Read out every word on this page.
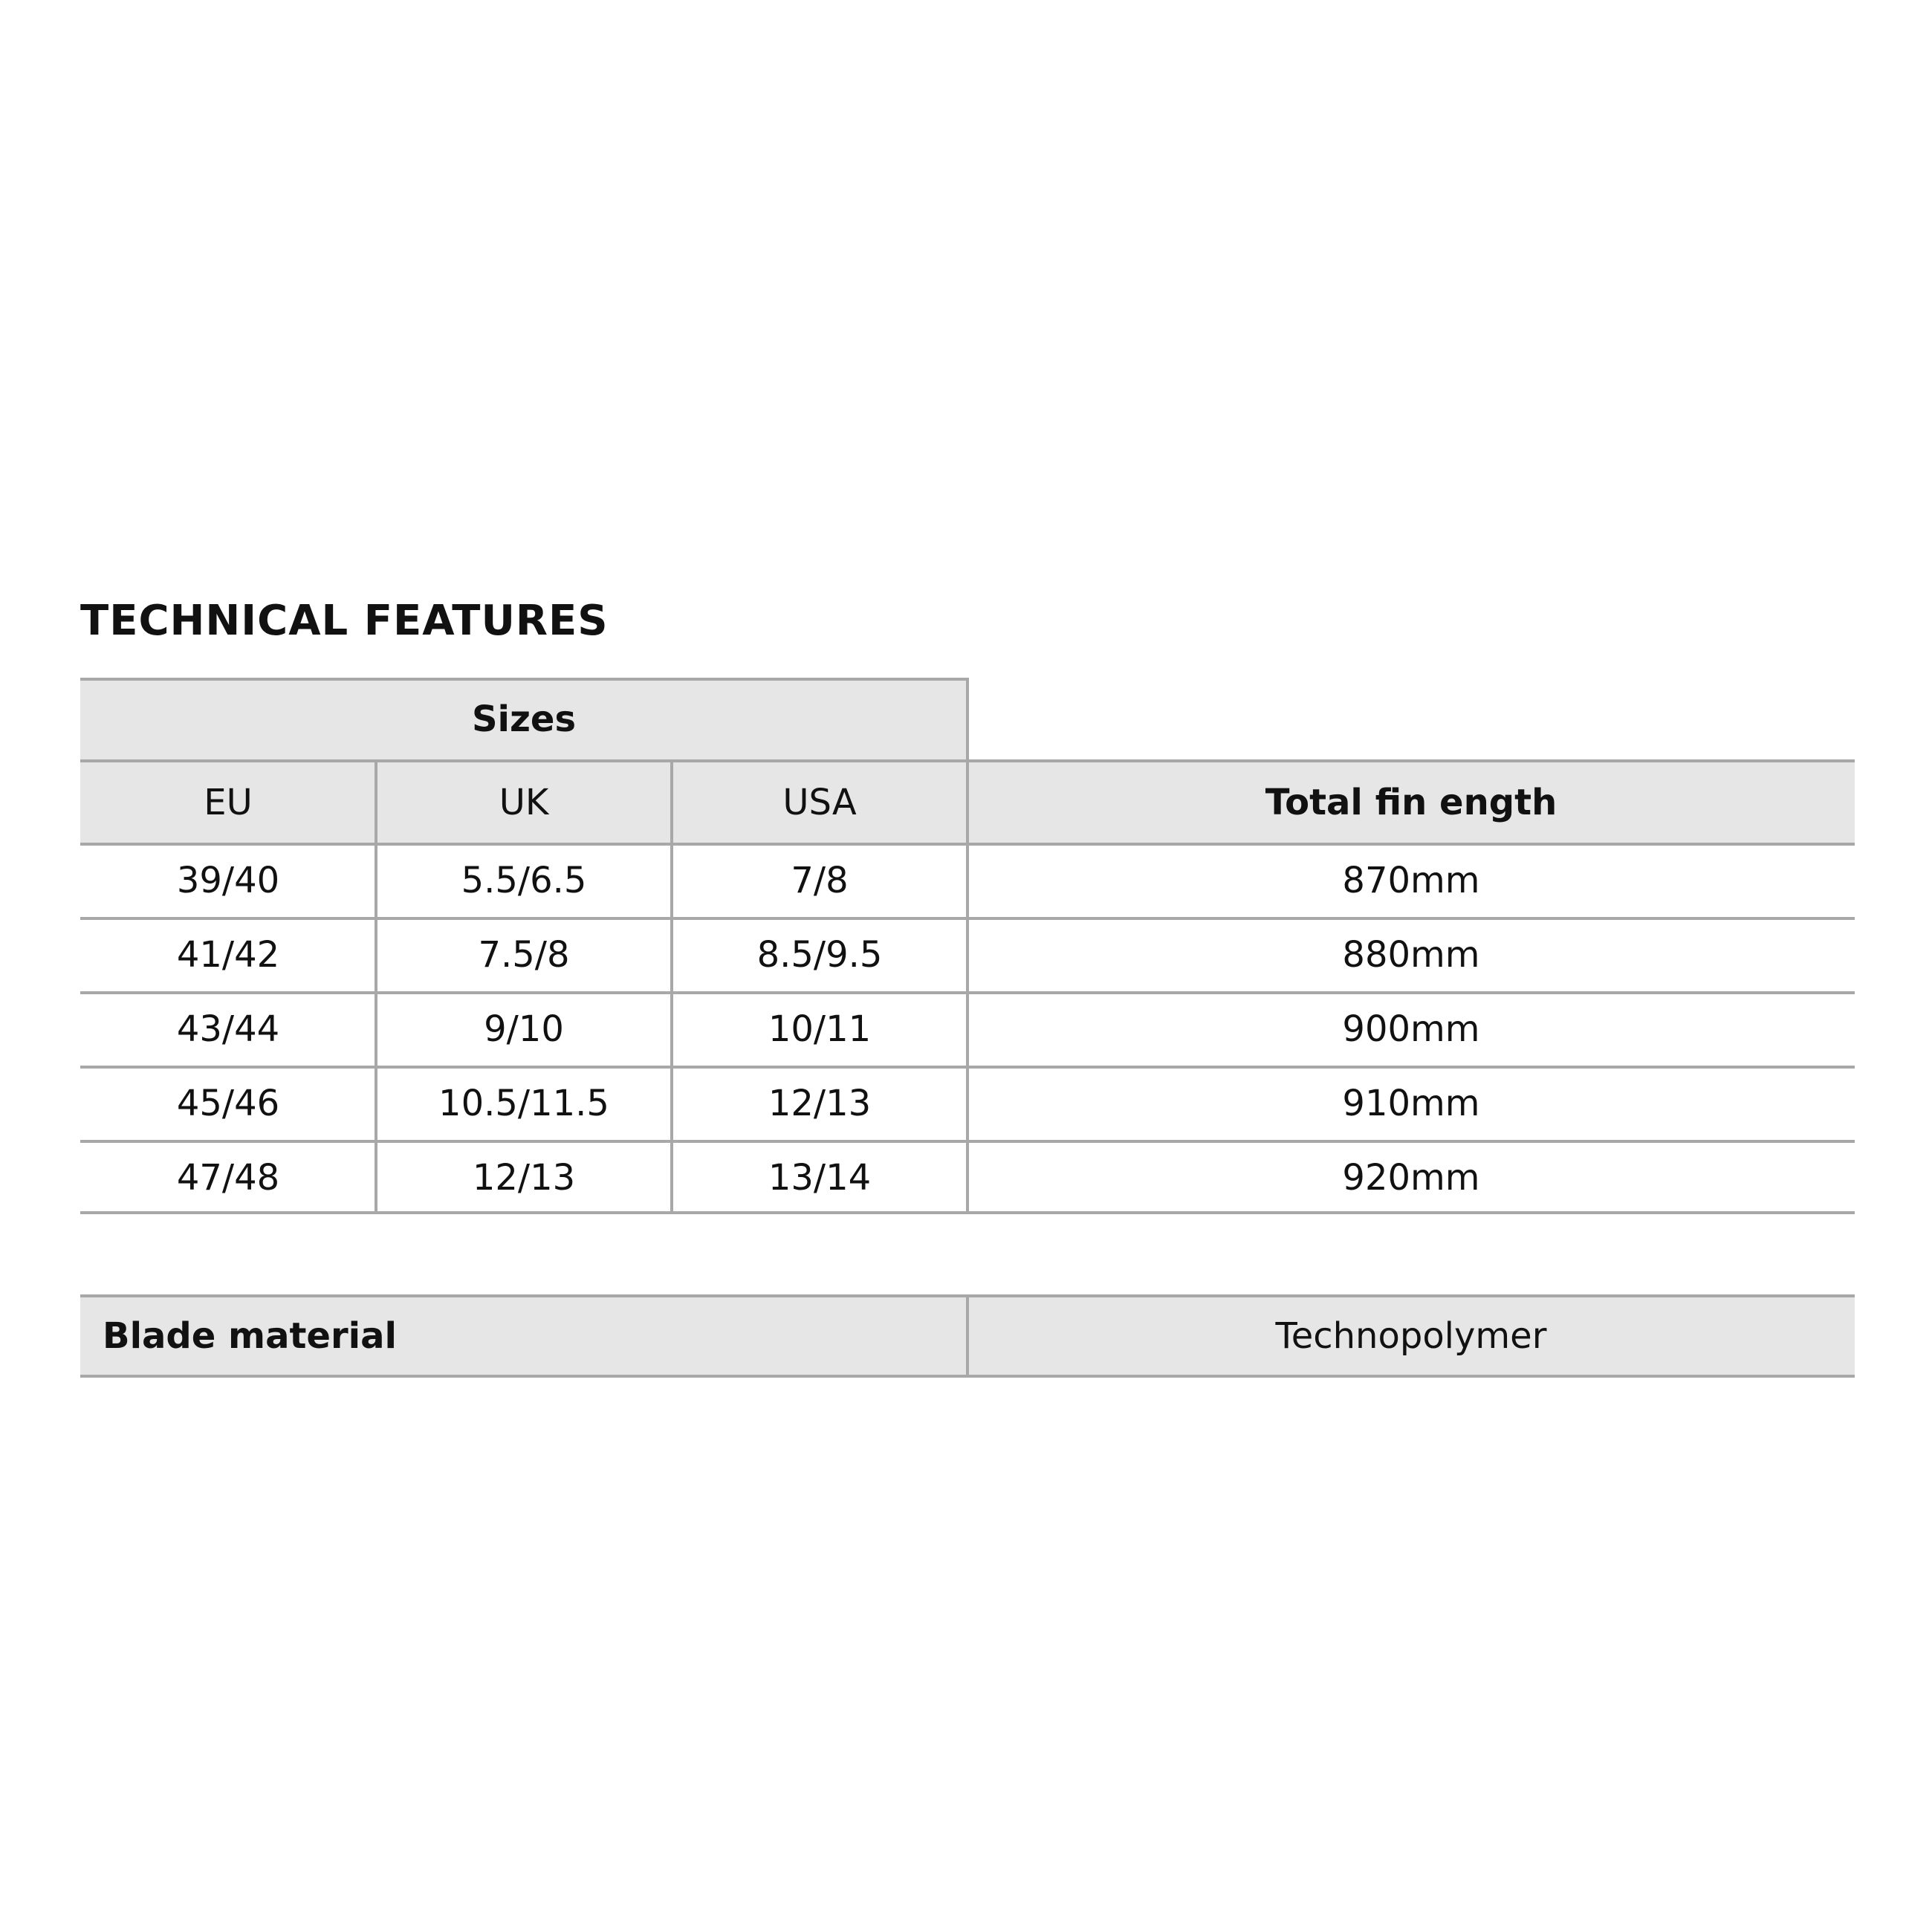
TECHNICAL FEATURES
Sizes
EU	UK	USA	Total fin ength
39/40	5.5/6.5	7/8	870mm
41/42	7.5/8	8.5/9.5	880mm
43/44	9/10	10/11	900mm
45/46	10.5/11.5	12/13	910mm
47/48	12/13	13/14	920mm
Blade material	Technopolymer
